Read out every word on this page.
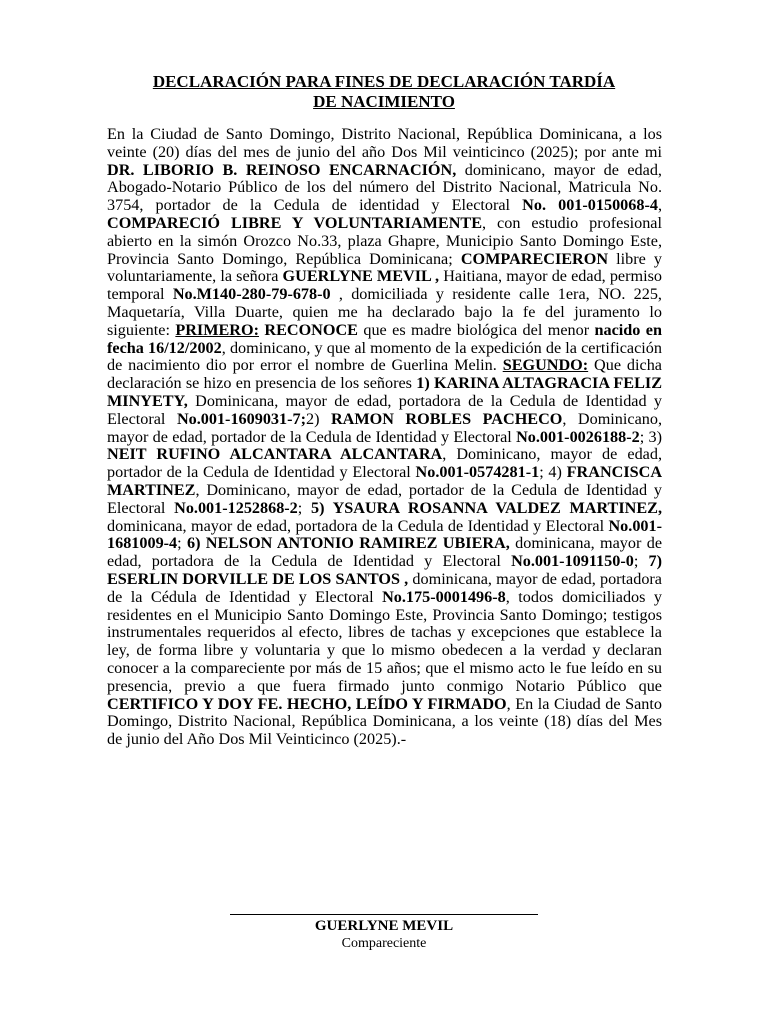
DECLARACIÓN PARA FINES DE DECLARACIÓN TARDÍA
DE NACIMIENTO
En la Ciudad de Santo Domingo, Distrito Nacional, República Dominicana, a los veinte (20) días del mes de junio del año Dos Mil veinticinco (2025); por ante mi DR. LIBORIO B. REINOSO ENCARNACIÓN, dominicano, mayor de edad, Abogado-Notario Público de los del número del Distrito Nacional, Matricula No. 3754, portador de la Cedula de identidad y Electoral No. 001-0150068-4, COMPARECIÓ LIBRE Y VOLUNTARIAMENTE, con estudio profesional abierto en la simón Orozco No.33, plaza Ghapre, Municipio Santo Domingo Este, Provincia Santo Domingo, República Dominicana; COMPARECIERON libre y voluntariamente, la señora GUERLYNE MEVIL , Haitiana, mayor de edad, permiso temporal No.M140-280-79-678-0 , domiciliada y residente calle 1era, NO. 225, Maquetaría, Villa Duarte, quien me ha declarado bajo la fe del juramento lo siguiente: PRIMERO: RECONOCE que es madre biológica del menor nacido en fecha 16/12/2002, dominicano, y que al momento de la expedición de la certificación de nacimiento dio por error el nombre de Guerlina Melin. SEGUNDO: Que dicha declaración se hizo en presencia de los señores 1) KARINA ALTAGRACIA FELIZ MINYETY, Dominicana, mayor de edad, portadora de la Cedula de Identidad y Electoral No.001-1609031-7;2) RAMON ROBLES PACHECO, Dominicano, mayor de edad, portador de la Cedula de Identidad y Electoral No.001-0026188-2; 3) NEIT RUFINO ALCANTARA ALCANTARA, Dominicano, mayor de edad, portador de la Cedula de Identidad y Electoral No.001-0574281-1; 4) FRANCISCA MARTINEZ, Dominicano, mayor de edad, portador de la Cedula de Identidad y Electoral No.001-1252868-2; 5) YSAURA ROSANNA VALDEZ MARTINEZ, dominicana, mayor de edad, portadora de la Cedula de Identidad y Electoral No.001-1681009-4; 6) NELSON ANTONIO RAMIREZ UBIERA, dominicana, mayor de edad, portadora de la Cedula de Identidad y Electoral No.001-1091150-0; 7) ESERLIN DORVILLE DE LOS SANTOS , dominicana, mayor de edad, portadora de la Cédula de Identidad y Electoral No.175-0001496-8, todos domiciliados y residentes en el Municipio Santo Domingo Este, Provincia Santo Domingo; testigos instrumentales requeridos al efecto, libres de tachas y excepciones que establece la ley, de forma libre y voluntaria y que lo mismo obedecen a la verdad y declaran conocer a la compareciente por más de 15 años; que el mismo acto le fue leído en su presencia, previo a que fuera firmado junto conmigo Notario Público que CERTIFICO Y DOY FE. HECHO, LEÍDO Y FIRMADO, En la Ciudad de Santo Domingo, Distrito Nacional, República Dominicana, a los veinte (18) días del Mes de junio del Año Dos Mil Veinticinco (2025).-
GUERLYNE MEVIL
Compareciente
